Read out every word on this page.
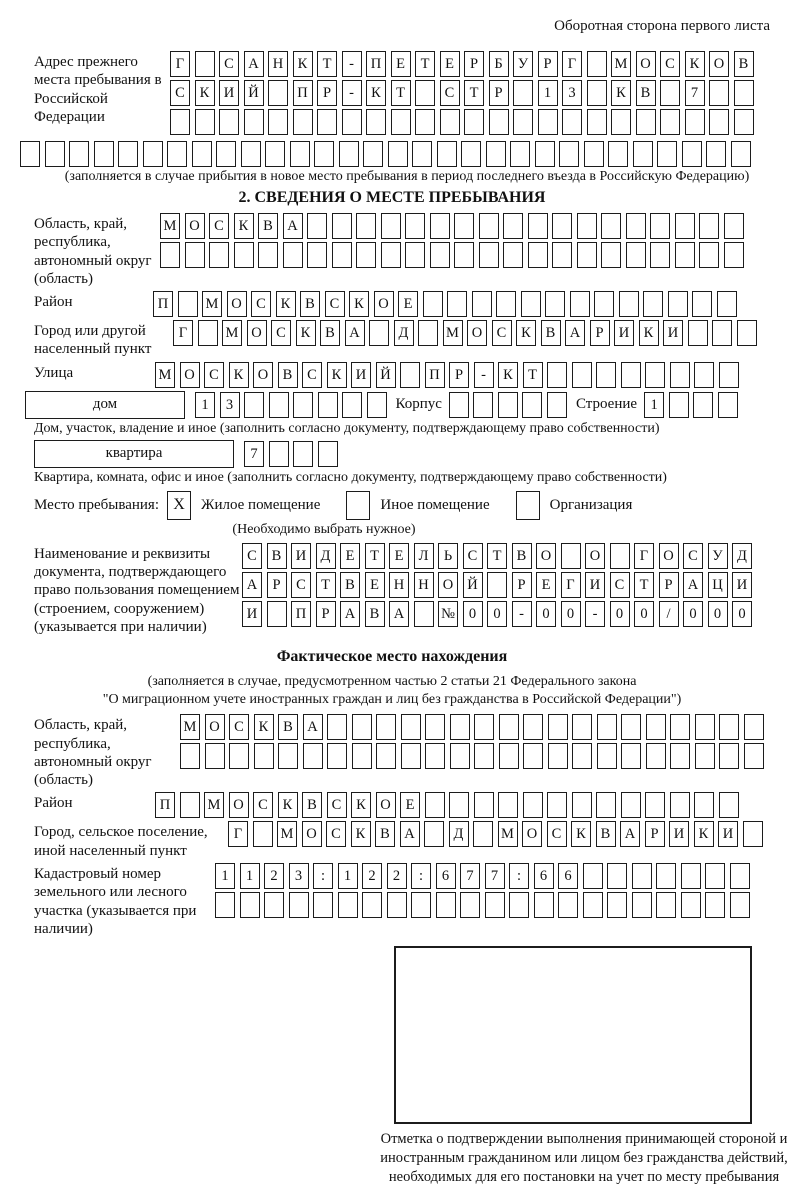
Оборотная сторона первого листа
Адрес прежнего места пребывания в Российской Федерации
Г	С А Н К	Т	-	П	Е	Т	Е	Р	Б	У	Р	Г	М О С	К О В
С	К И Й	П	Р	-	К	Т	С	Т	Р	1	3	К	В	7
(заполняется в случае прибытия в новое место пребывания в период последнего въезда в Российскую Федерацию)
2. СВЕДЕНИЯ О МЕСТЕ ПРЕБЫВАНИЯ
Область, край, республика, автономный округ (область)
М О С	К	В А
Район	П	М О С	К	В	С	К О	Е
Город или другой населенный пункт
Г	М О С	К	В А	Д	М О С	К	В А	Р	И К И
Улица	М О С	К О В	С	К И Й	П	Р	-	К	Т
дом	1	3	Корпус	Строение 1
Дом, участок, владение и иное (заполнить согласно документу, подтверждающему право собственности)
квартира	7
Квартира, комната, офис и иное (заполнить согласно документу, подтверждающему право собственности)
Место пребывания: X	Жилое помещение	Иное помещение	Организация
(Необходимо выбрать нужное)
Наименование и реквизиты документа, подтверждающего право пользования помещением (строением, сооружением) (указывается при наличии)
С	В И Д	Е	Т	Е	Л	Ь	С	Т	В О	О	Г	О С	У Д
А	Р	С	Т	В	Е	Н Н О Й	Р	Е	Г	И С	Т	Р	А Ц И
И	П	Р	А В А	№ 0	0	-	0	0	-	0	0	/	0	0	0
Фактическое место нахождения
(заполняется в случае, предусмотренном частью 2 статьи 21 Федерального закона
"О миграционном учете иностранных граждан и лиц без гражданства в Российской Федерации")
Область, край, республика, автономный округ (область)
М О С	К	В А
Район	П	М О С	К	В	С	К О	Е
Город, сельское поселение, иной населенный пункт
Г	М О С	К	В А	Д	М О С	К	В А	Р	И К И
Кадастровый номер земельного или лесного участка (указывается при наличии)
1	1	2	3	:	1	2	2	:	6	7	7	:	6	6
Отметка о подтверждении выполнения принимающей стороной и иностранным гражданином или лицом без гражданства действий, необходимых для его постановки на учет по месту пребывания
